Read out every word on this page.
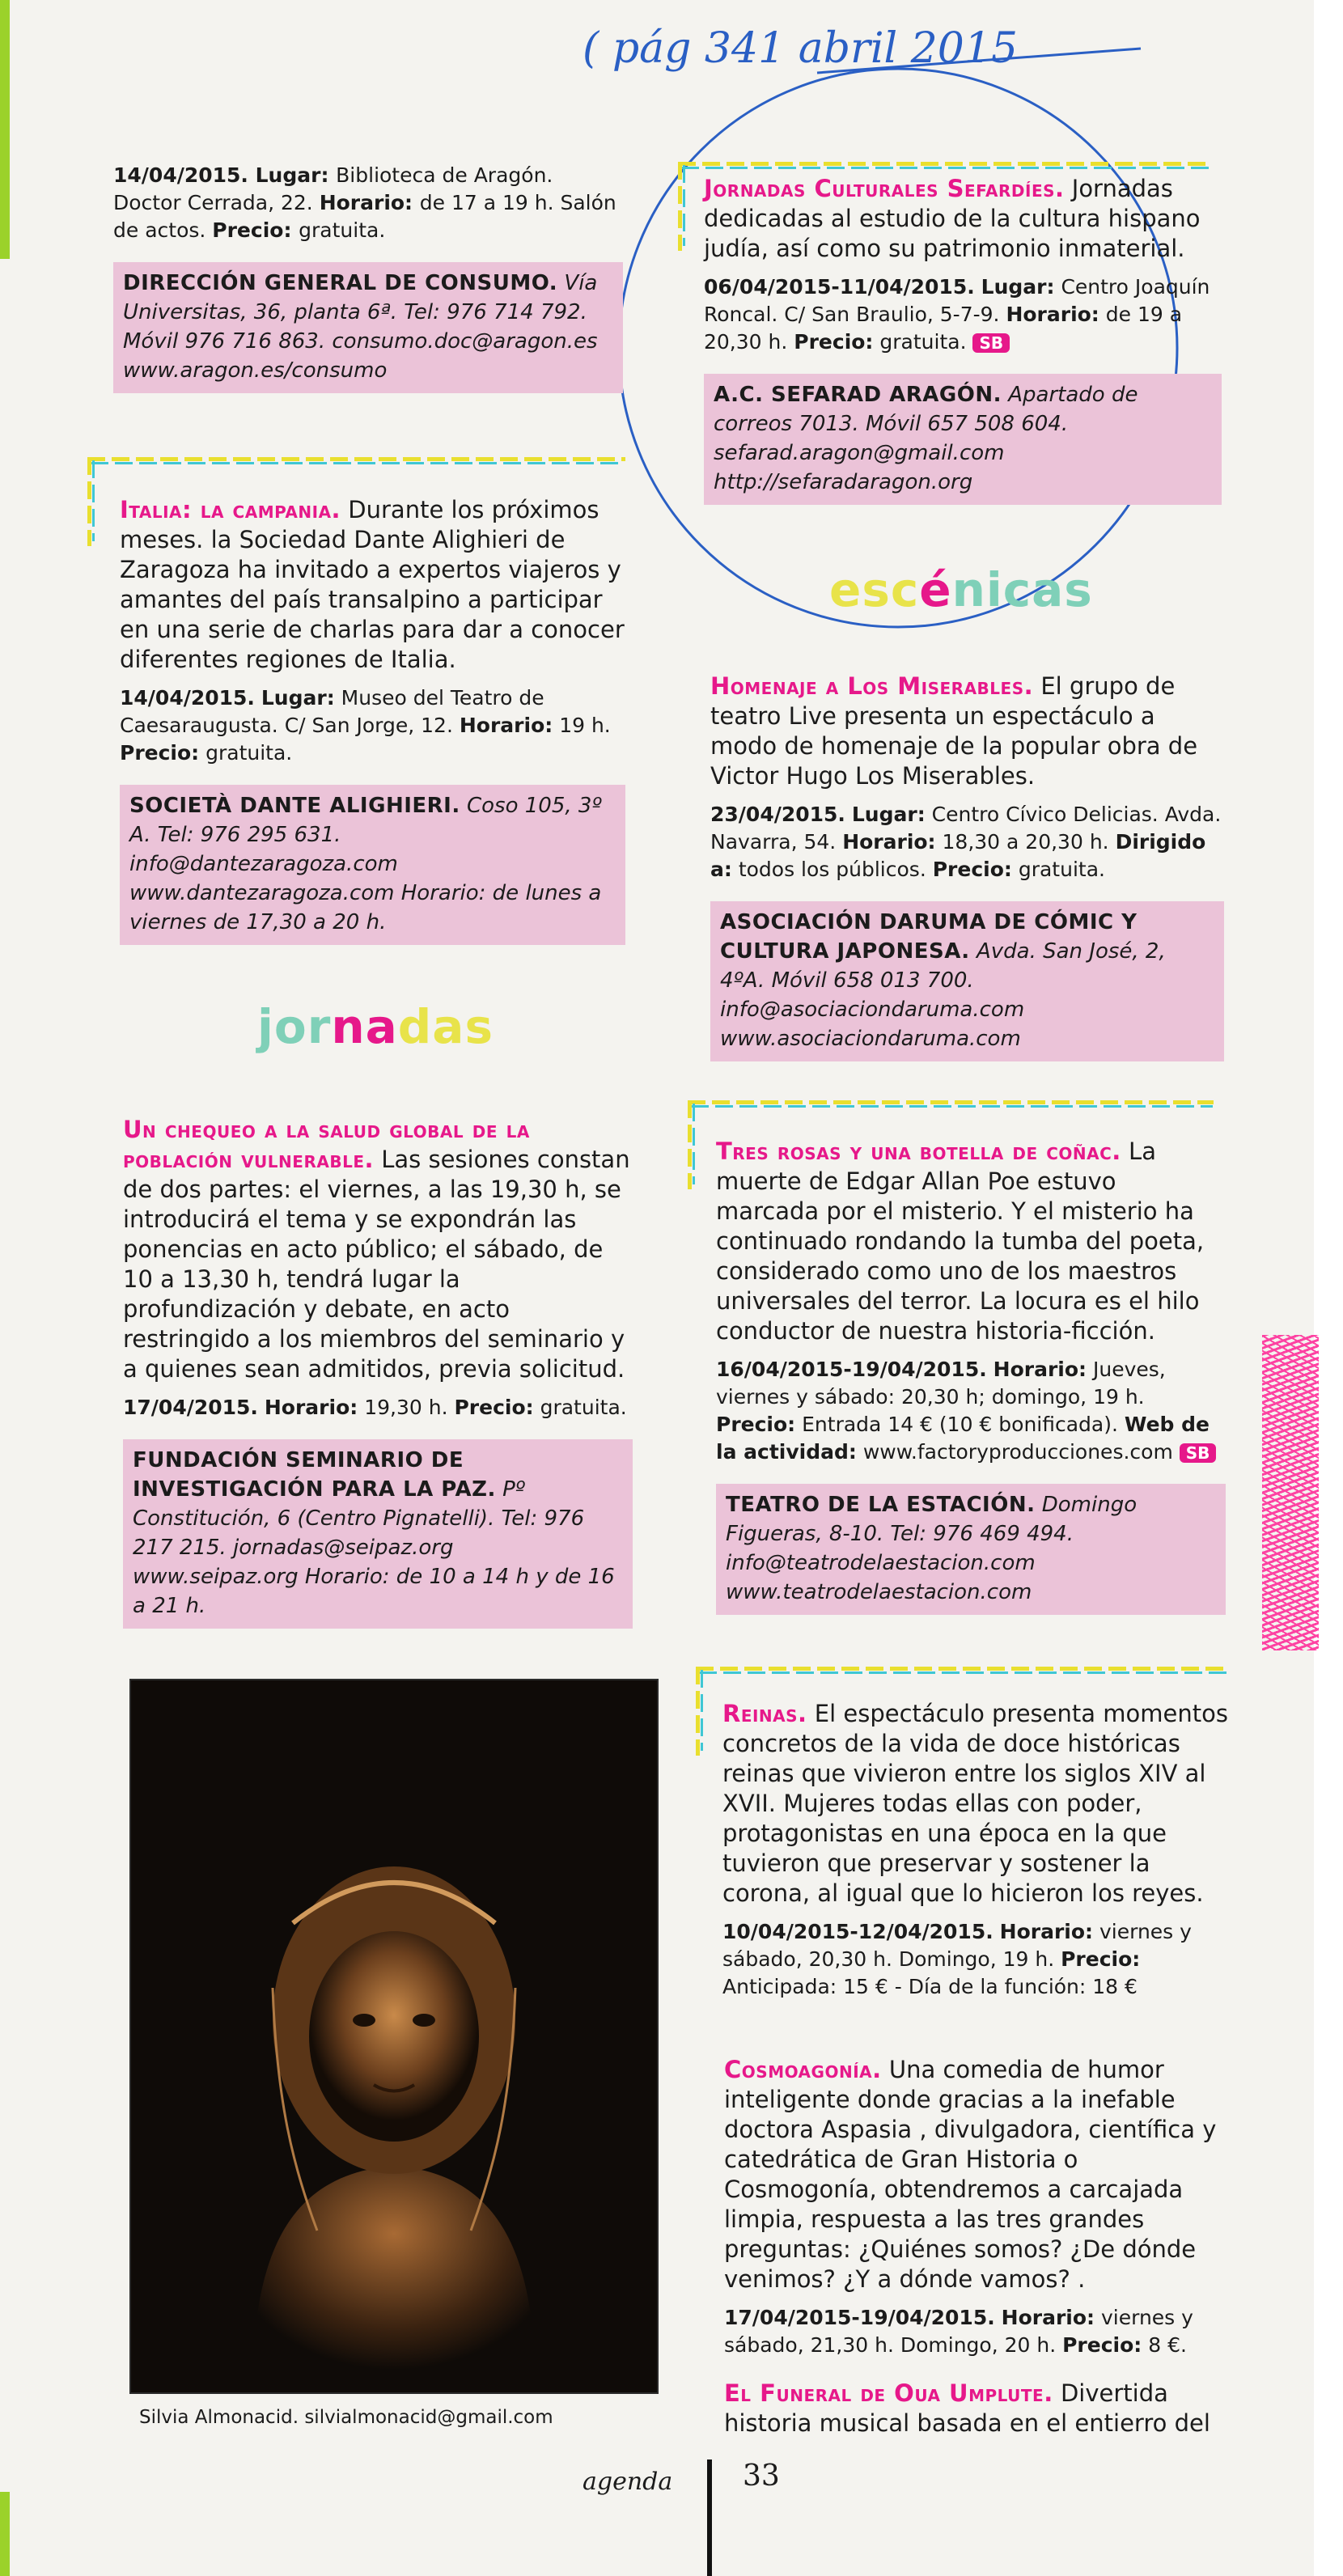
( pág 341 abril 2015

14/04/2015. Lugar: Biblioteca de Aragón. Doctor Cerrada, 22. Horario: de 17 a 19 h. Salón de actos. Precio: gratuita.

DIRECCIÓN GENERAL DE CONSUMO. Vía Universitas, 36, planta 6ª. Tel: 976 714 792. Móvil 976 716 863. consumo.doc@aragon.es www.aragon.es/consumo

Italia: la campania. Durante los próximos meses. la Sociedad Dante Alighieri de Zaragoza ha invitado a expertos viajeros y amantes del país transalpino a participar en una serie de charlas para dar a conocer diferentes regiones de Italia.

14/04/2015. Lugar: Museo del Teatro de Caesaraugusta. C/ San Jorge, 12. Horario: 19 h. Precio: gratuita.

SOCIETÀ DANTE ALIGHIERI. Coso 105, 3º A. Tel: 976 295 631. info@dantezaragoza.com www.dantezaragoza.com Horario: de lunes a viernes de 17,30 a 20 h.
jornadas

Un chequeo a la salud global de la población vulnerable. Las sesiones constan de dos partes: el viernes, a las 19,30 h, se introducirá el tema y se expondrán las ponencias en acto público; el sábado, de 10 a 13,30 h, tendrá lugar la profundización y debate, en acto restringido a los miembros del seminario y a quienes sean admitidos, previa solicitud.

17/04/2015. Horario: 19,30 h. Precio: gratuita.

FUNDACIÓN SEMINARIO DE INVESTIGACIÓN PARA LA PAZ. Pº Constitución, 6 (Centro Pignatelli). Tel: 976 217 215. jornadas@seipaz.org www.seipaz.org Horario: de 10 a 14 h y de 16 a 21 h.
Silvia Almonacid. silvialmonacid@gmail.com

Jornadas Culturales Sefardíes. Jornadas dedicadas al estudio de la cultura hispano judía, así como su patrimonio inmaterial.

06/04/2015-11/04/2015. Lugar: Centro Joaquín Roncal. C/ San Braulio, 5-7-9. Horario: de 19 a 20,30 h. Precio: gratuita. SB

A.C. SEFARAD ARAGÓN. Apartado de correos 7013. Móvil 657 508 604. sefarad.aragon@gmail.com http://sefaradaragon.org
escénicas

Homenaje a Los Miserables. El grupo de teatro Live presenta un espectáculo a modo de homenaje de la popular obra de Victor Hugo Los Miserables.

23/04/2015. Lugar: Centro Cívico Delicias. Avda. Navarra, 54. Horario: 18,30 a 20,30 h. Dirigido a: todos los públicos. Precio: gratuita.

ASOCIACIÓN DARUMA DE CÓMIC Y CULTURA JAPONESA. Avda. San José, 2, 4ºA. Móvil 658 013 700. info@asociaciondaruma.com www.asociaciondaruma.com

Tres rosas y una botella de coñac. La muerte de Edgar Allan Poe estuvo marcada por el misterio. Y el misterio ha continuado rondando la tumba del poeta, considerado como uno de los maestros universales del terror. La locura es el hilo conductor de nuestra historia-ficción.

16/04/2015-19/04/2015. Horario: Jueves, viernes y sábado: 20,30 h; domingo, 19 h. Precio: Entrada 14 € (10 € bonificada). Web de la actividad: www.factoryproducciones.com SB

TEATRO DE LA ESTACIÓN. Domingo Figueras, 8-10. Tel: 976 469 494. info@teatrodelaestacion.com www.teatrodelaestacion.com

Reinas. El espectáculo presenta momentos concretos de la vida de doce históricas reinas que vivieron entre los siglos XIV al XVII. Mujeres todas ellas con poder, protagonistas en una época en la que tuvieron que preservar y sostener la corona, al igual que lo hicieron los reyes.

10/04/2015-12/04/2015. Horario: viernes y sábado, 20,30 h. Domingo, 19 h. Precio: Anticipada: 15 € - Día de la función: 18 €

Cosmoagonía. Una comedia de humor inteligente donde gracias a la inefable doctora Aspasia , divulgadora, científica y catedrática de Gran Historia o Cosmogonía, obtendremos a carcajada limpia, respuesta a las tres grandes preguntas: ¿Quiénes somos? ¿De dónde venimos? ¿Y a dónde vamos? .

17/04/2015-19/04/2015. Horario: viernes y sábado, 21,30 h. Domingo, 20 h. Precio: 8 €.

El Funeral de Oua Umplute. Divertida historia musical basada en el entierro del

agenda 33
